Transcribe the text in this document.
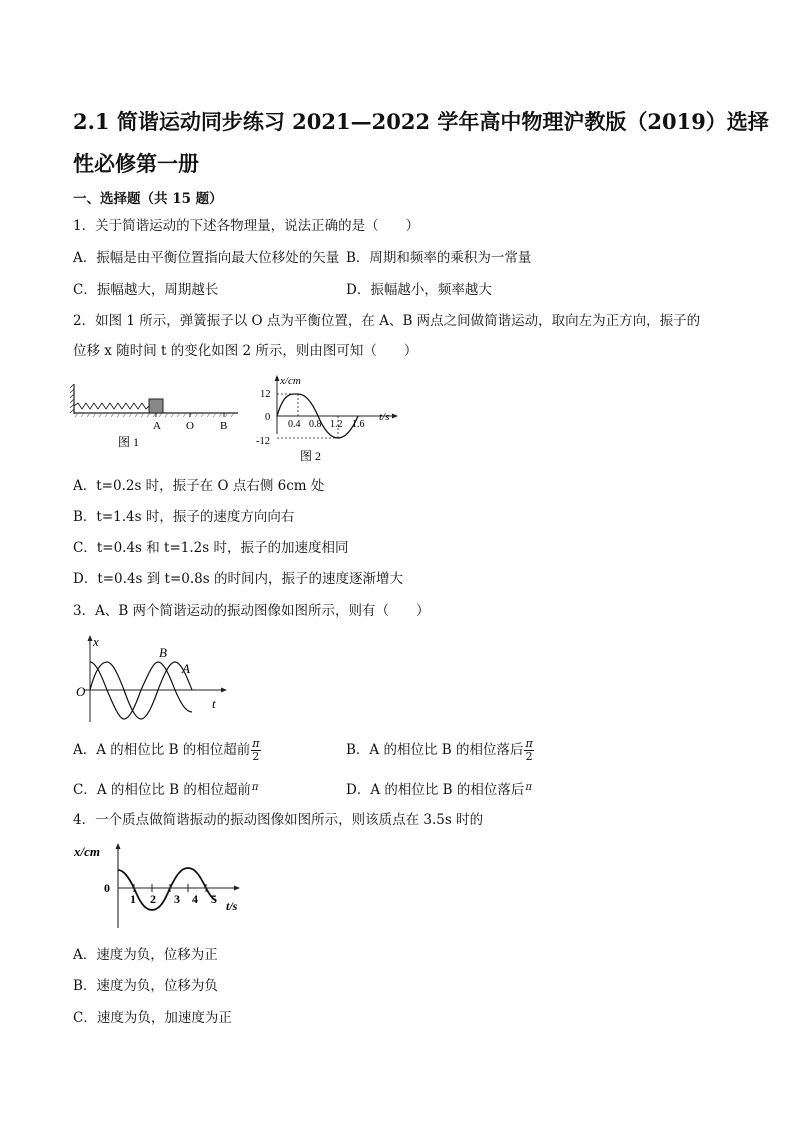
2.1 简谐运动同步练习 2021—2022 学年高中物理沪教版（2019）选择
性必修第一册
一、选择题（共 15 题）
1．关于简谐运动的下述各物理量，说法正确的是（　　）
A．振幅是由平衡位置指向最大位移处的矢量 B．周期和频率的乘积为一常量
C．振幅越大，周期越长	D．振幅越小，频率越大
2．如图 1 所示，弹簧振子以 O 点为平衡位置，在 A、B 两点之间做简谐运动，取向左为正方向，振子的
位移 x 随时间 t 的变化如图 2 所示，则由图可知（　　）
A O B
图 1
x/cm
t/s
12
0
-12
0.4 0.8 1.2 1.6
图 2
A．t=0.2s 时，振子在 O 点右侧 6cm 处
B．t=1.4s 时，振子的速度方向向右
C．t=0.4s 和 t=1.2s 时，振子的加速度相同
D．t=0.4s 到 t=0.8s 的时间内，振子的速度逐渐增大
3．A、B 两个简谐运动的振动图像如图所示，则有（　　）
x
t
O
B
A
A．A 的相位比 B 的相位超前 $\frac{\pi}{2}$	B．A 的相位比 B 的相位落后 $\frac{\pi}{2}$
C．A 的相位比 B 的相位超前$^\pi$	D．A 的相位比 B 的相位落后$^\pi$
4．一个质点做简谐振动的振动图像如图所示，则该质点在 3.5s 时的
x/cm
0
t/s
1 2 3 4 5
A．速度为负，位移为正
B．速度为负，位移为负
C．速度为负，加速度为正
